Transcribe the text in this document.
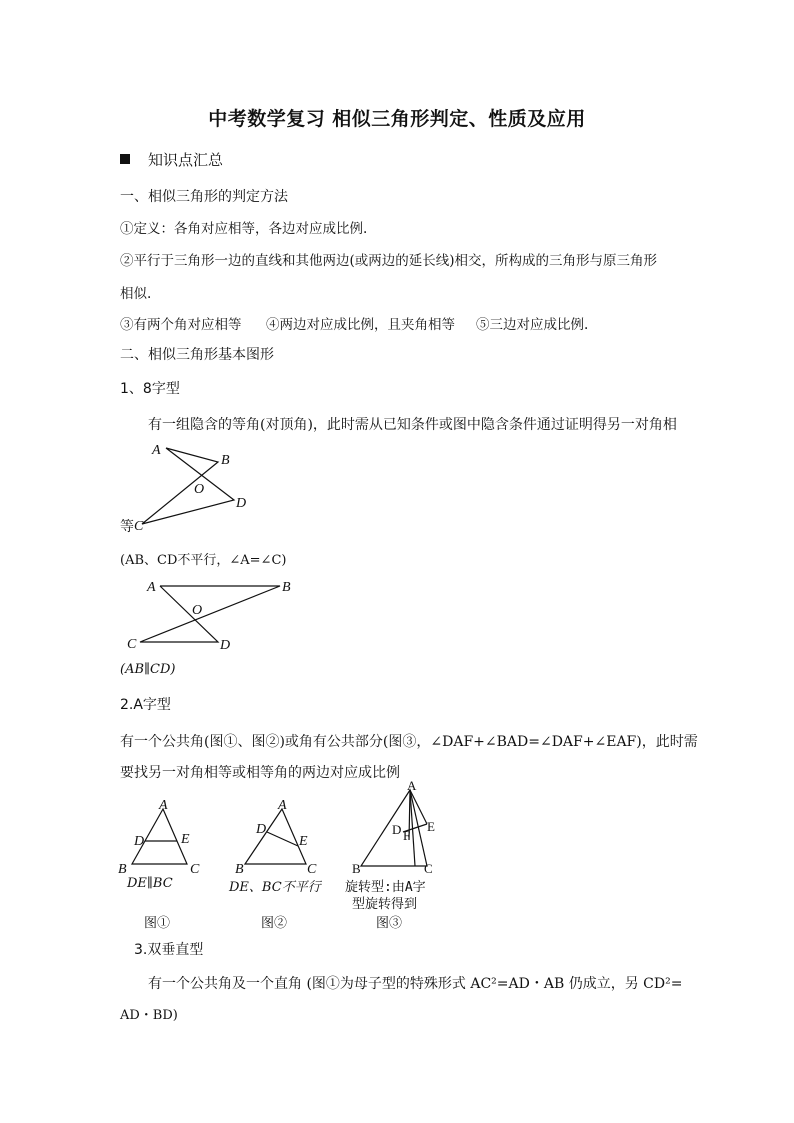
中考数学复习 相似三角形判定、性质及应用
知识点汇总
一、相似三角形的判定方法
①定义：各角对应相等，各边对应成比例.
②平行于三角形一边的直线和其他两边(或两边的延长线)相交，所构成的三角形与原三角形
相似.
③有两个角对应相等 ④两边对应成比例，且夹角相等 ⑤三边对应成比例.
二、相似三角形基本图形
1、8字型
有一组隐含的等角(对顶角)，此时需从已知条件或图中隐含条件通过证明得另一对角相
A
B
O
D
C
等
(AB、CD不平行，∠A=∠C)
A	B
O
C	D
(AB∥CD)
2.A字型
有一个公共角(图①、图②)或角有公共部分(图③，∠DAF+∠BAD=∠DAF+∠EAF)，此时需
要找另一对角相等或相等角的两边对应成比例
A
D	E
B	C
DE∥BC
图①
A
D
E
B	C
DE、BC不平行
图②
A
D F
E
B	C
旋转型:由A字
型旋转得到
图③
3.双垂直型
有一个公共角及一个直角 (图①为母子型的特殊形式 AC²=AD・AB 仍成立，另 CD²=
AD・BD)
